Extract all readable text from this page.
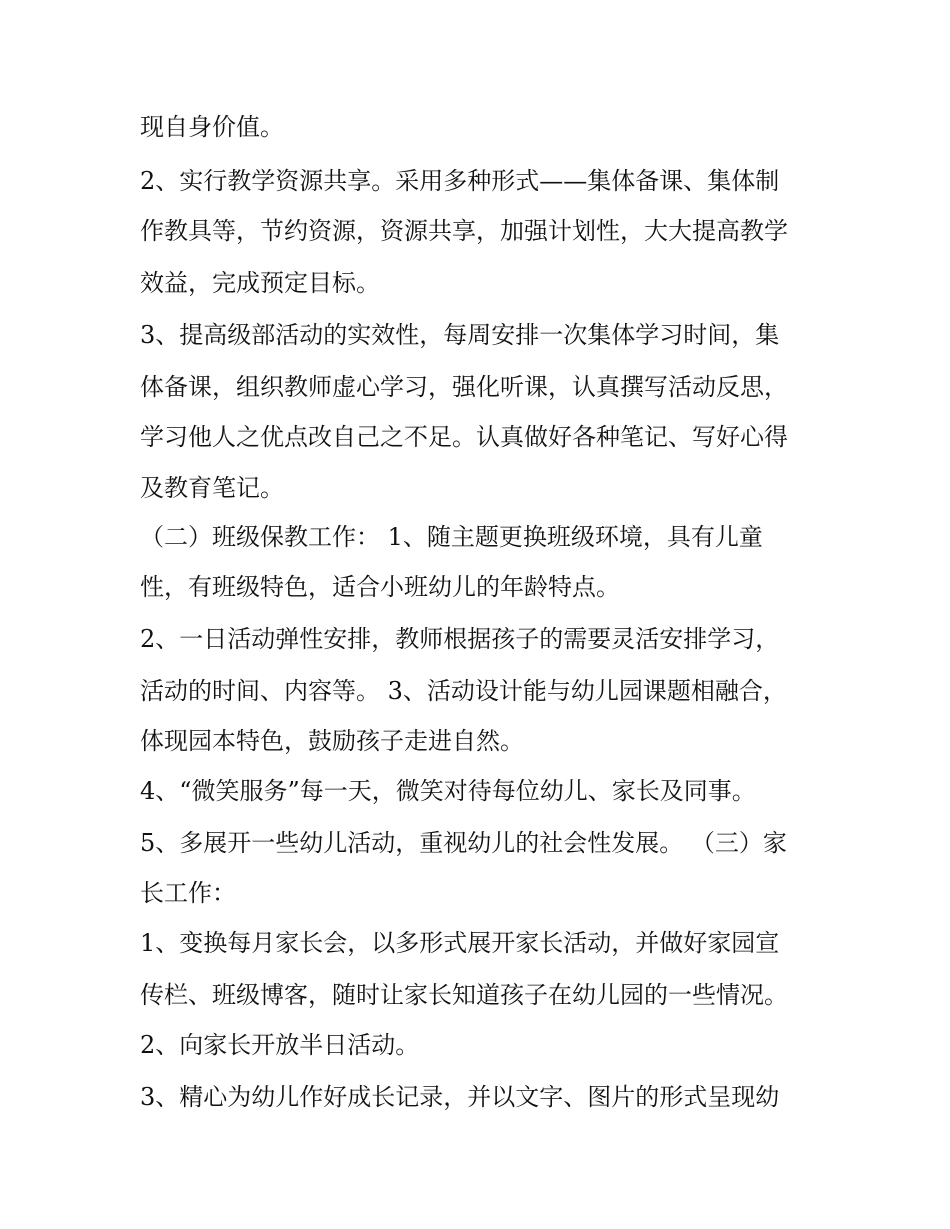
现自身价值。

2、实行教学资源共享。采用多种形式——集体备课、集体制

作教具等，节约资源，资源共享，加强计划性，大大提高教学

效益，完成预定目标。

3、提高级部活动的实效性，每周安排一次集体学习时间，集

体备课，组织教师虚心学习，强化听课，认真撰写活动反思，

学习他人之优点改自己之不足。认真做好各种笔记、写好心得

及教育笔记。

（二）班级保教工作： 1、随主题更换班级环境，具有儿童

性，有班级特色，适合小班幼儿的年龄特点。

2、一日活动弹性安排，教师根据孩子的需要灵活安排学习，

活动的时间、内容等。 3、活动设计能与幼儿园课题相融合，

体现园本特色，鼓励孩子走进自然。

4、“微笑服务”每一天，微笑对待每位幼儿、家长及同事。

5、多展开一些幼儿活动，重视幼儿的社会性发展。 （三）家

长工作：

1、变换每月家长会，以多形式展开家长活动，并做好家园宣

传栏、班级博客，随时让家长知道孩子在幼儿园的一些情况。

2、向家长开放半日活动。

3、精心为幼儿作好成长记录，并以文字、图片的形式呈现幼
